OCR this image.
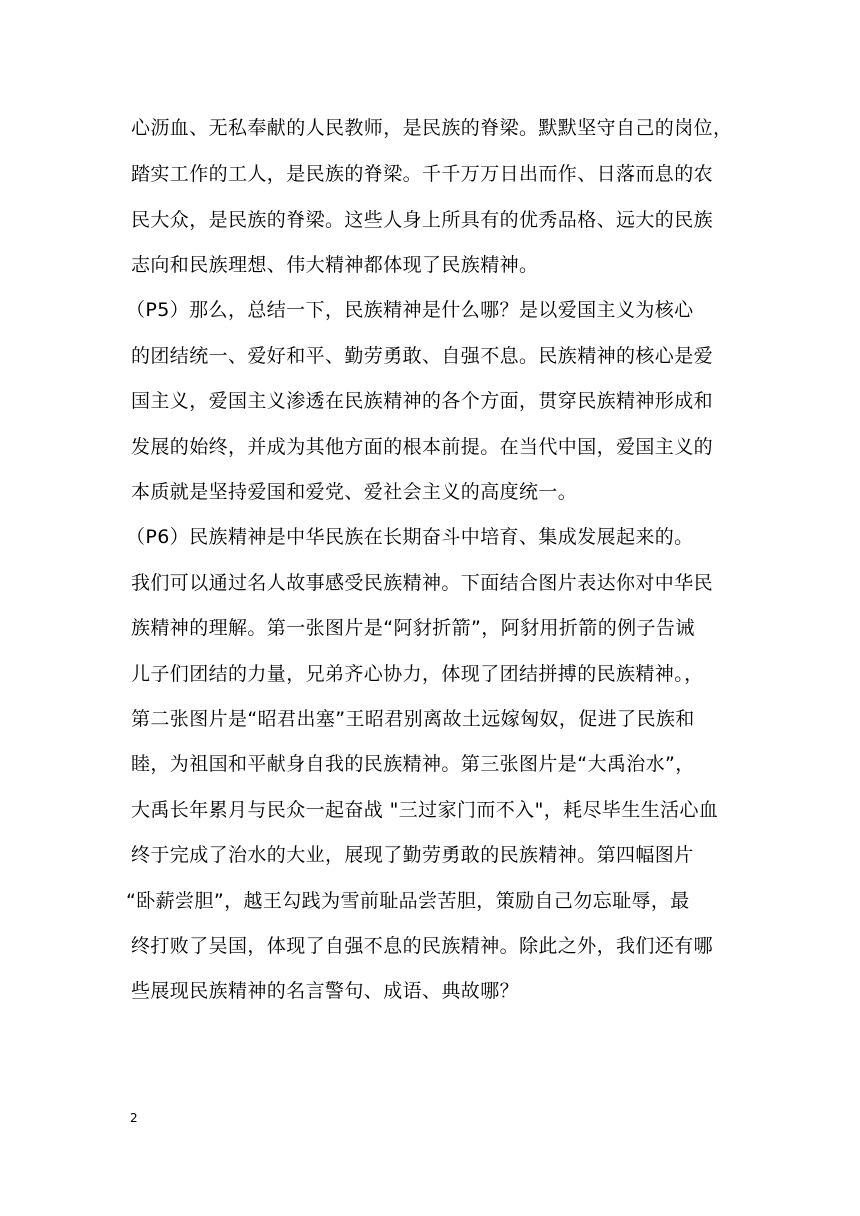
心沥血、无私奉献的人民教师，是民族的脊梁。默默坚守自己的岗位，
踏实工作的工人，是民族的脊梁。千千万万日出而作、日落而息的农
民大众，是民族的脊梁。这些人身上所具有的优秀品格、远大的民族
志向和民族理想、伟大精神都体现了民族精神。
（P5）那么，总结一下，民族精神是什么哪？是以爱国主义为核心
的团结统一、爱好和平、勤劳勇敢、自强不息。民族精神的核心是爱
国主义，爱国主义渗透在民族精神的各个方面，贯穿民族精神形成和
发展的始终，并成为其他方面的根本前提。在当代中国，爱国主义的
本质就是坚持爱国和爱党、爱社会主义的高度统一。
（P6）民族精神是中华民族在长期奋斗中培育、集成发展起来的。
我们可以通过名人故事感受民族精神。下面结合图片表达你对中华民
族精神的理解。第一张图片是“阿豺折箭”，阿豺用折箭的例子告诫
儿子们团结的力量，兄弟齐心协力，体现了团结拼搏的民族精神。，
第二张图片是“昭君出塞”王昭君别离故土远嫁匈奴，促进了民族和
睦，为祖国和平献身自我的民族精神。第三张图片是“大禹治水”，
大禹长年累月与民众一起奋战 "三过家门而不入"，耗尽毕生生活心血
终于完成了治水的大业，展现了勤劳勇敢的民族精神。第四幅图片
“卧薪尝胆”，越王勾践为雪前耻品尝苦胆，策励自己勿忘耻辱，最
终打败了吴国，体现了自强不息的民族精神。除此之外，我们还有哪
些展现民族精神的名言警句、成语、典故哪？
2
